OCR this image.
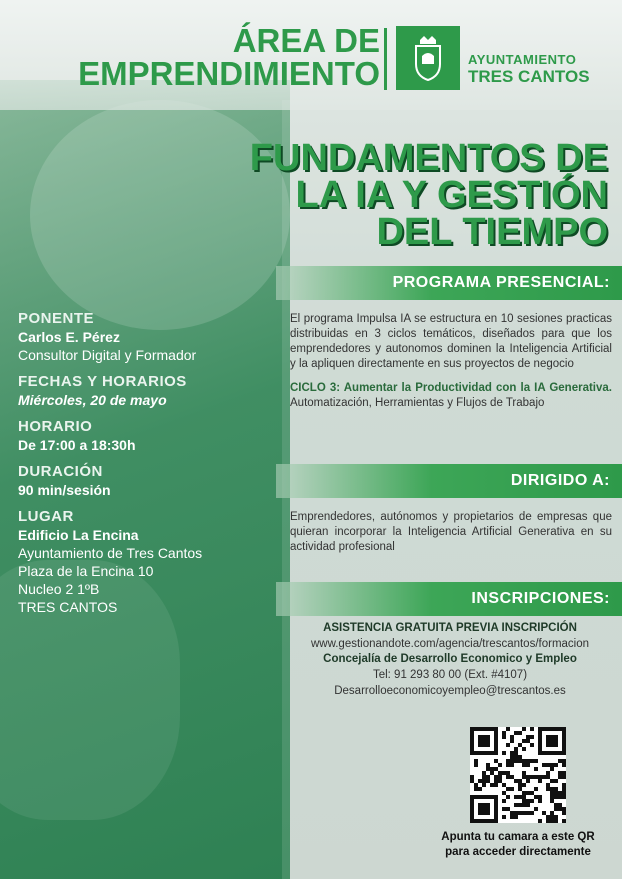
ÁREA DE
EMPRENDIMIENTO	AYUNTAMIENTO
TRES CANTOS
FUNDAMENTOS DE
LA IA Y GESTIÓN
DEL TIEMPO
PONENTE
Carlos E. Pérez
Consultor Digital y Formador
FECHAS Y HORARIOS
Miércoles, 20 de mayo
HORARIO
De 17:00 a 18:30h
DURACIÓN
90 min/sesión
LUGAR
Edificio La Encina
Ayuntamiento de Tres Cantos
Plaza de la Encina 10
Nucleo 2 1ºB
TRES CANTOS
PROGRAMA PRESENCIAL:
El programa Impulsa IA se estructura en 10 sesiones practicas distribuidas en 3 ciclos temáticos, diseñados para que los emprendedores y autonomos dominen la Inteligencia Artificial y la apliquen directamente en sus proyectos de negocio
CICLO 3: Aumentar la Productividad con la IA Generativa. Automatización, Herramientas y Flujos de Trabajo
DIRIGIDO A:
Emprendedores, autónomos y propietarios de empresas que quieran incorporar la Inteligencia Artificial Generativa en su actividad profesional
INSCRIPCIONES:
ASISTENCIA GRATUITA PREVIA INSCRIPCIÓN
www.gestionandote.com/agencia/trescantos/formacion
Concejalía de Desarrollo Economico y Empleo
Tel: 91 293 80 00 (Ext. #4107)
Desarrolloeconomicoyempleo@trescantos.es
Apunta tu camara a este QR
para acceder directamente
